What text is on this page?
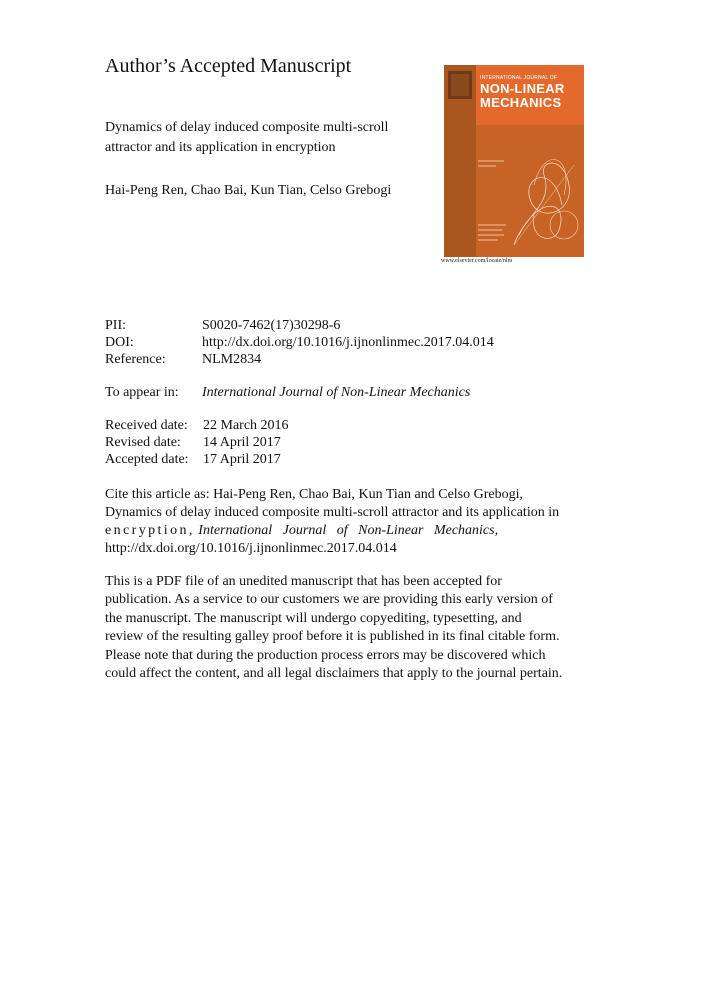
Author’s Accepted Manuscript
Dynamics of delay induced composite multi-scroll attractor and its application in encryption
Hai-Peng Ren, Chao Bai, Kun Tian, Celso Grebogi
PII:	S0020-7462(17)30298-6
DOI:	http://dx.doi.org/10.1016/j.ijnonlinmec.2017.04.014
Reference:	NLM2834
To appear in: International Journal of Non-Linear Mechanics
Received date: 22 March 2016
Revised date: 14 April 2017
Accepted date: 17 April 2017
Cite this article as: Hai-Peng Ren, Chao Bai, Kun Tian and Celso Grebogi,
Dynamics of delay induced composite multi-scroll attractor and its application in
encryption, International   Journal   of   Non-Linear   Mechanics,
http://dx.doi.org/10.1016/j.ijnonlinmec.2017.04.014
This is a PDF file of an unedited manuscript that has been accepted for
publication. As a service to our customers we are providing this early version of
the manuscript. The manuscript will undergo copyediting, typesetting, and
review of the resulting galley proof before it is published in its final citable form.
Please note that during the production process errors may be discovered which
could affect the content, and all legal disclaimers that apply to the journal pertain.
INTERNATIONAL JOURNAL OF
NON-LINEAR
MECHANICS
www.elsevier.com/locate/nlm
